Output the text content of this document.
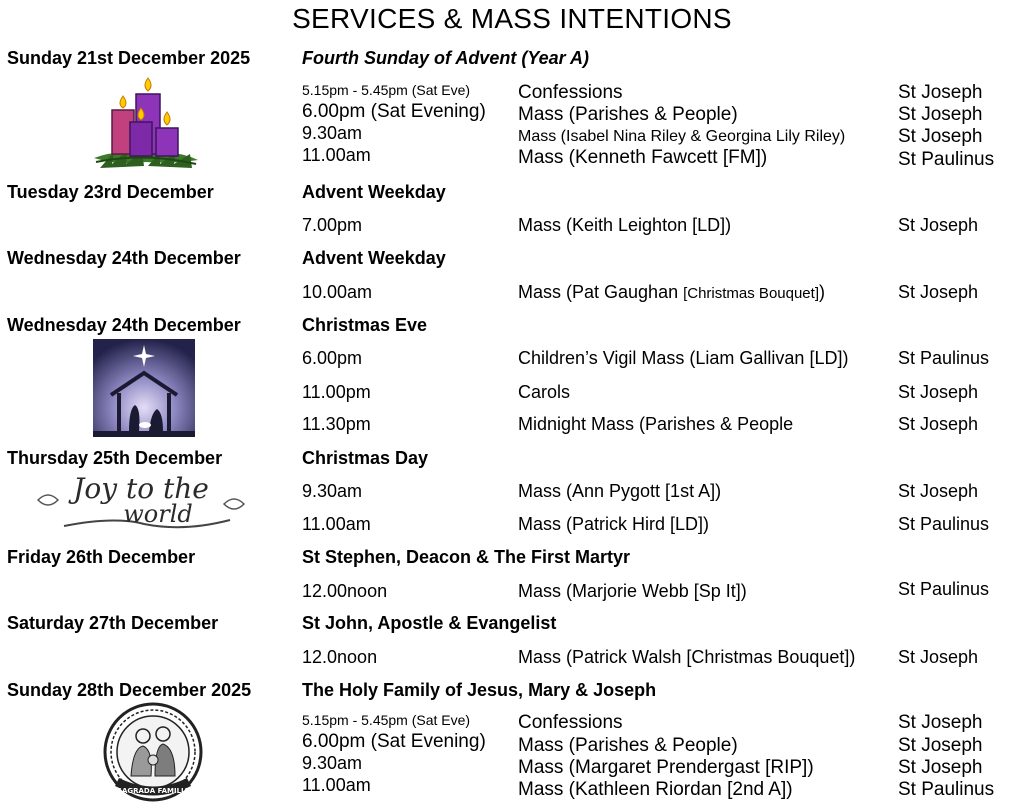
SERVICES & MASS INTENTIONS
Sunday 21st December 2025	Fourth Sunday of Advent (Year A)
5.15pm - 5.45pm (Sat Eve)	Confessions	St Joseph
6.00pm (Sat Evening) Mass (Parishes & People)	St Joseph
9.30am	Mass (Isabel Nina Riley & Georgina Lily Riley)	St Joseph
11.00am	Mass (Kenneth Fawcett [FM])	St Paulinus
Tuesday 23rd December	Advent Weekday
7.00pm	Mass (Keith Leighton [LD])	St Joseph
Wednesday 24th December	Advent Weekday
10.00am	Mass (Pat Gaughan [Christmas Bouquet])	St Joseph
Wednesday 24th December	Christmas Eve
6.00pm	Children’s Vigil Mass (Liam Gallivan [LD])	St Paulinus
11.00pm	Carols	St Joseph
11.30pm	Midnight Mass (Parishes & People	St Joseph
Thursday 25th December	Christmas Day
Joy to the
world
9.30am	Mass (Ann Pygott [1st A])	St Joseph
11.00am	Mass (Patrick Hird [LD])	St Paulinus
Friday 26th December	St Stephen, Deacon & The First Martyr
12.00noon	Mass (Marjorie Webb [Sp It])	St Paulinus
Saturday 27th December	St John, Apostle & Evangelist
12.0noon	Mass (Patrick Walsh [Christmas Bouquet]) St Joseph
Sunday 28th December 2025	The Holy Family of Jesus, Mary & Joseph
SAGRADA FAMILIA
5.15pm - 5.45pm (Sat Eve)	Confessions	St Joseph
6.00pm (Sat Evening) Mass (Parishes & People)	St Joseph
9.30am	Mass (Margaret Prendergast [RIP])	St Joseph
11.00am	Mass (Kathleen Riordan [2nd A])	St Paulinus
